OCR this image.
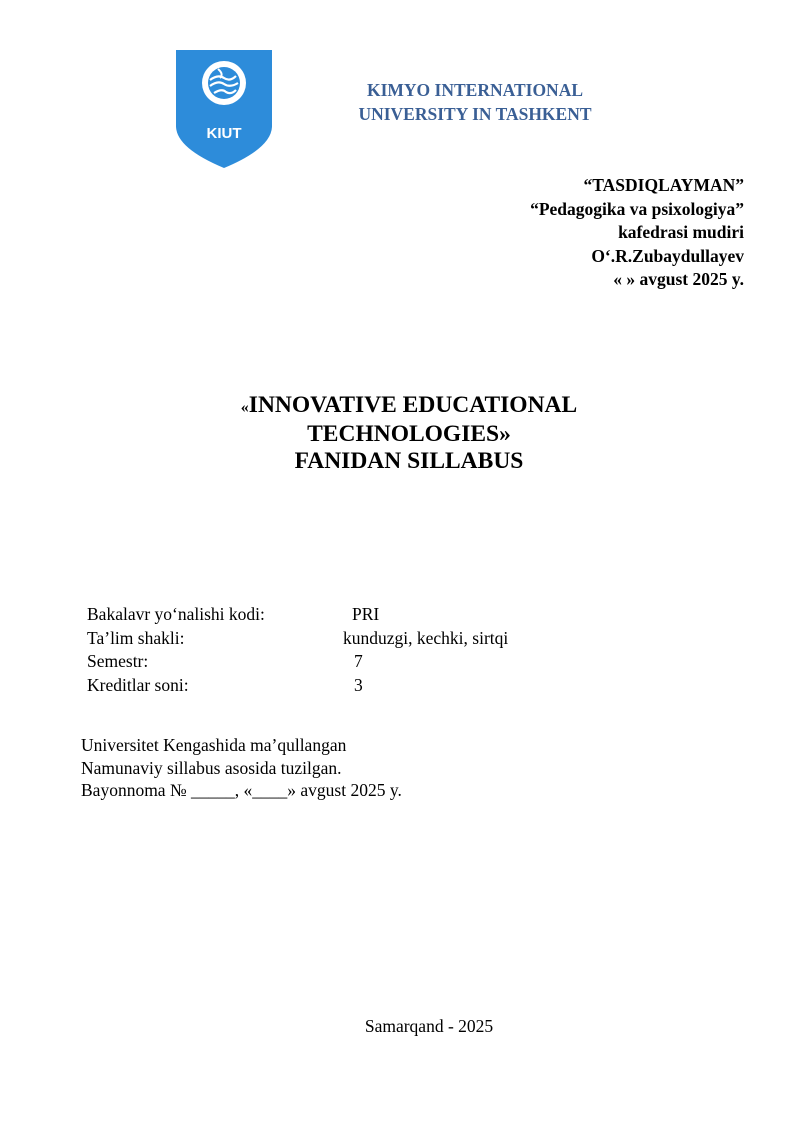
KIUT
KIMYO INTERNATIONAL
UNIVERSITY IN TASHKENT
“TASDIQLAYMAN”
“Pedagogika va psixologiya”
kafedrasi mudiri
O‘.R.Zubaydullayev
« » avgust 2025 y.
«INNOVATIVE EDUCATIONAL
TECHNOLOGIES»
FANIDAN SILLABUS
Bakalavr yo‘nalishi kodi:	PRI
Ta’lim shakli:	kunduzgi, kechki, sirtqi
Semestr:	7
Kreditlar soni:	3
Universitet Kengashida ma’qullangan
Namunaviy sillabus asosida tuzilgan.
Bayonnoma № _____, «____» avgust 2025 y.
Samarqand - 2025
